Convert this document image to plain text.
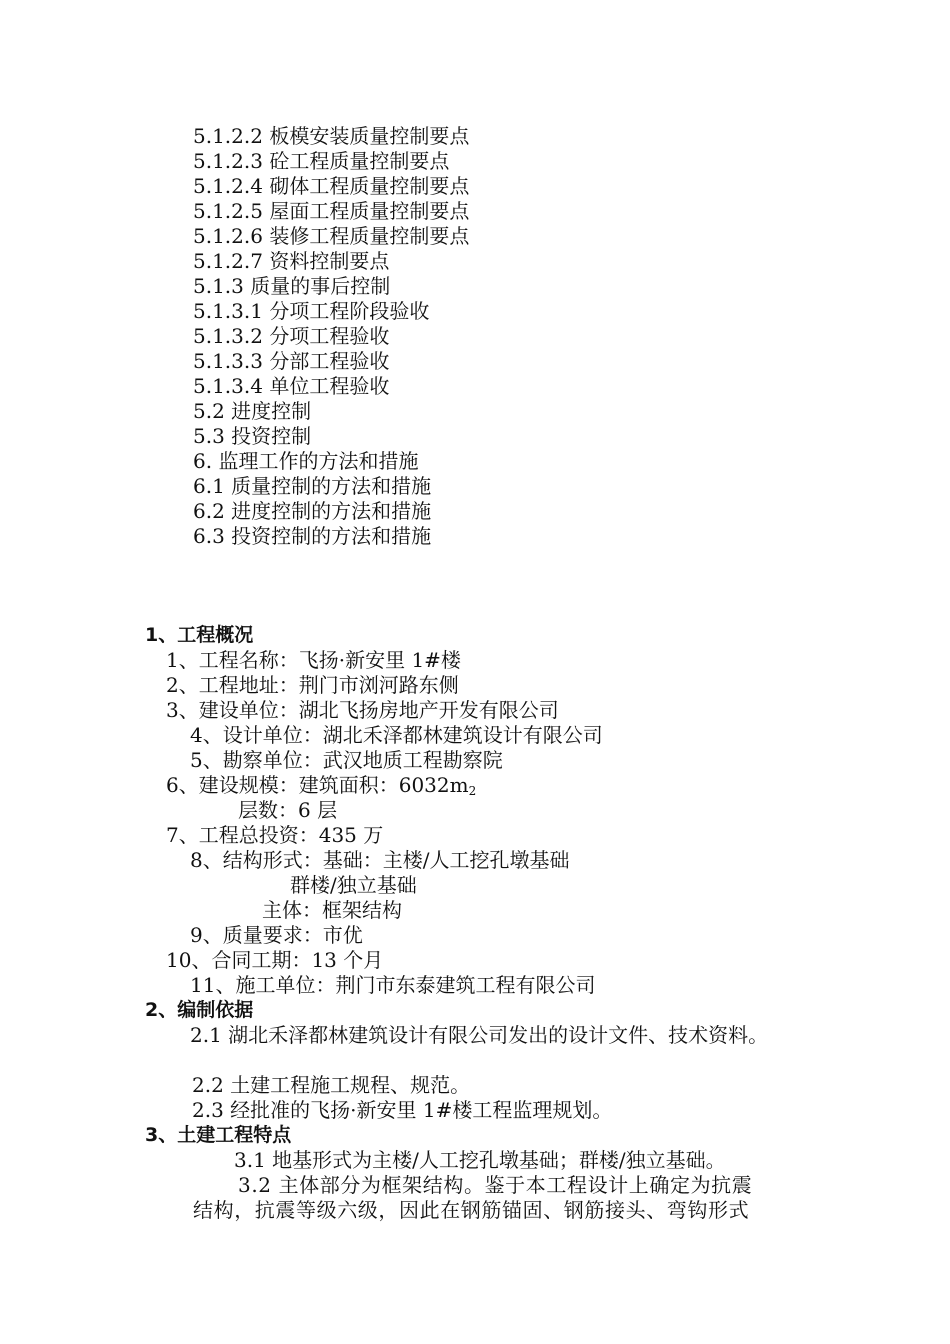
5.1.2.2 板模安装质量控制要点
5.1.2.3 砼工程质量控制要点
5.1.2.4 砌体工程质量控制要点
5.1.2.5 屋面工程质量控制要点
5.1.2.6 装修工程质量控制要点
5.1.2.7 资料控制要点
5.1.3 质量的事后控制
5.1.3.1 分项工程阶段验收
5.1.3.2 分项工程验收
5.1.3.3 分部工程验收
5.1.3.4 单位工程验收
5.2 进度控制
5.3 投资控制
6. 监理工作的方法和措施
6.1 质量控制的方法和措施
6.2 进度控制的方法和措施
6.3 投资控制的方法和措施
1、工程概况
1、工程名称：飞扬·新安里 1#楼
2、工程地址：荆门市浏河路东侧
3、建设单位：湖北飞扬房地产开发有限公司
4、设计单位：湖北禾泽都林建筑设计有限公司
5、勘察单位：武汉地质工程勘察院
6、建设规模：建筑面积：$6032m_2$
层数：6 层
7、工程总投资：435 万
8、结构形式：基础：主楼/人工挖孔墩基础
群楼/独立基础
主体：框架结构
9、质量要求：市优
10、合同工期：13 个月
11、施工单位：荆门市东泰建筑工程有限公司
2、编制依据
2.1 湖北禾泽都林建筑设计有限公司发出的设计文件、技术资料。
2.2 土建工程施工规程、规范。
2.3 经批准的飞扬·新安里 1#楼工程监理规划。
3、土建工程特点
3.1 地基形式为主楼/人工挖孔墩基础；群楼/独立基础。
3.2 主体部分为框架结构。鉴于本工程设计上确定为抗震
结构，抗震等级六级，因此在钢筋锚固、钢筋接头、弯钩形式
